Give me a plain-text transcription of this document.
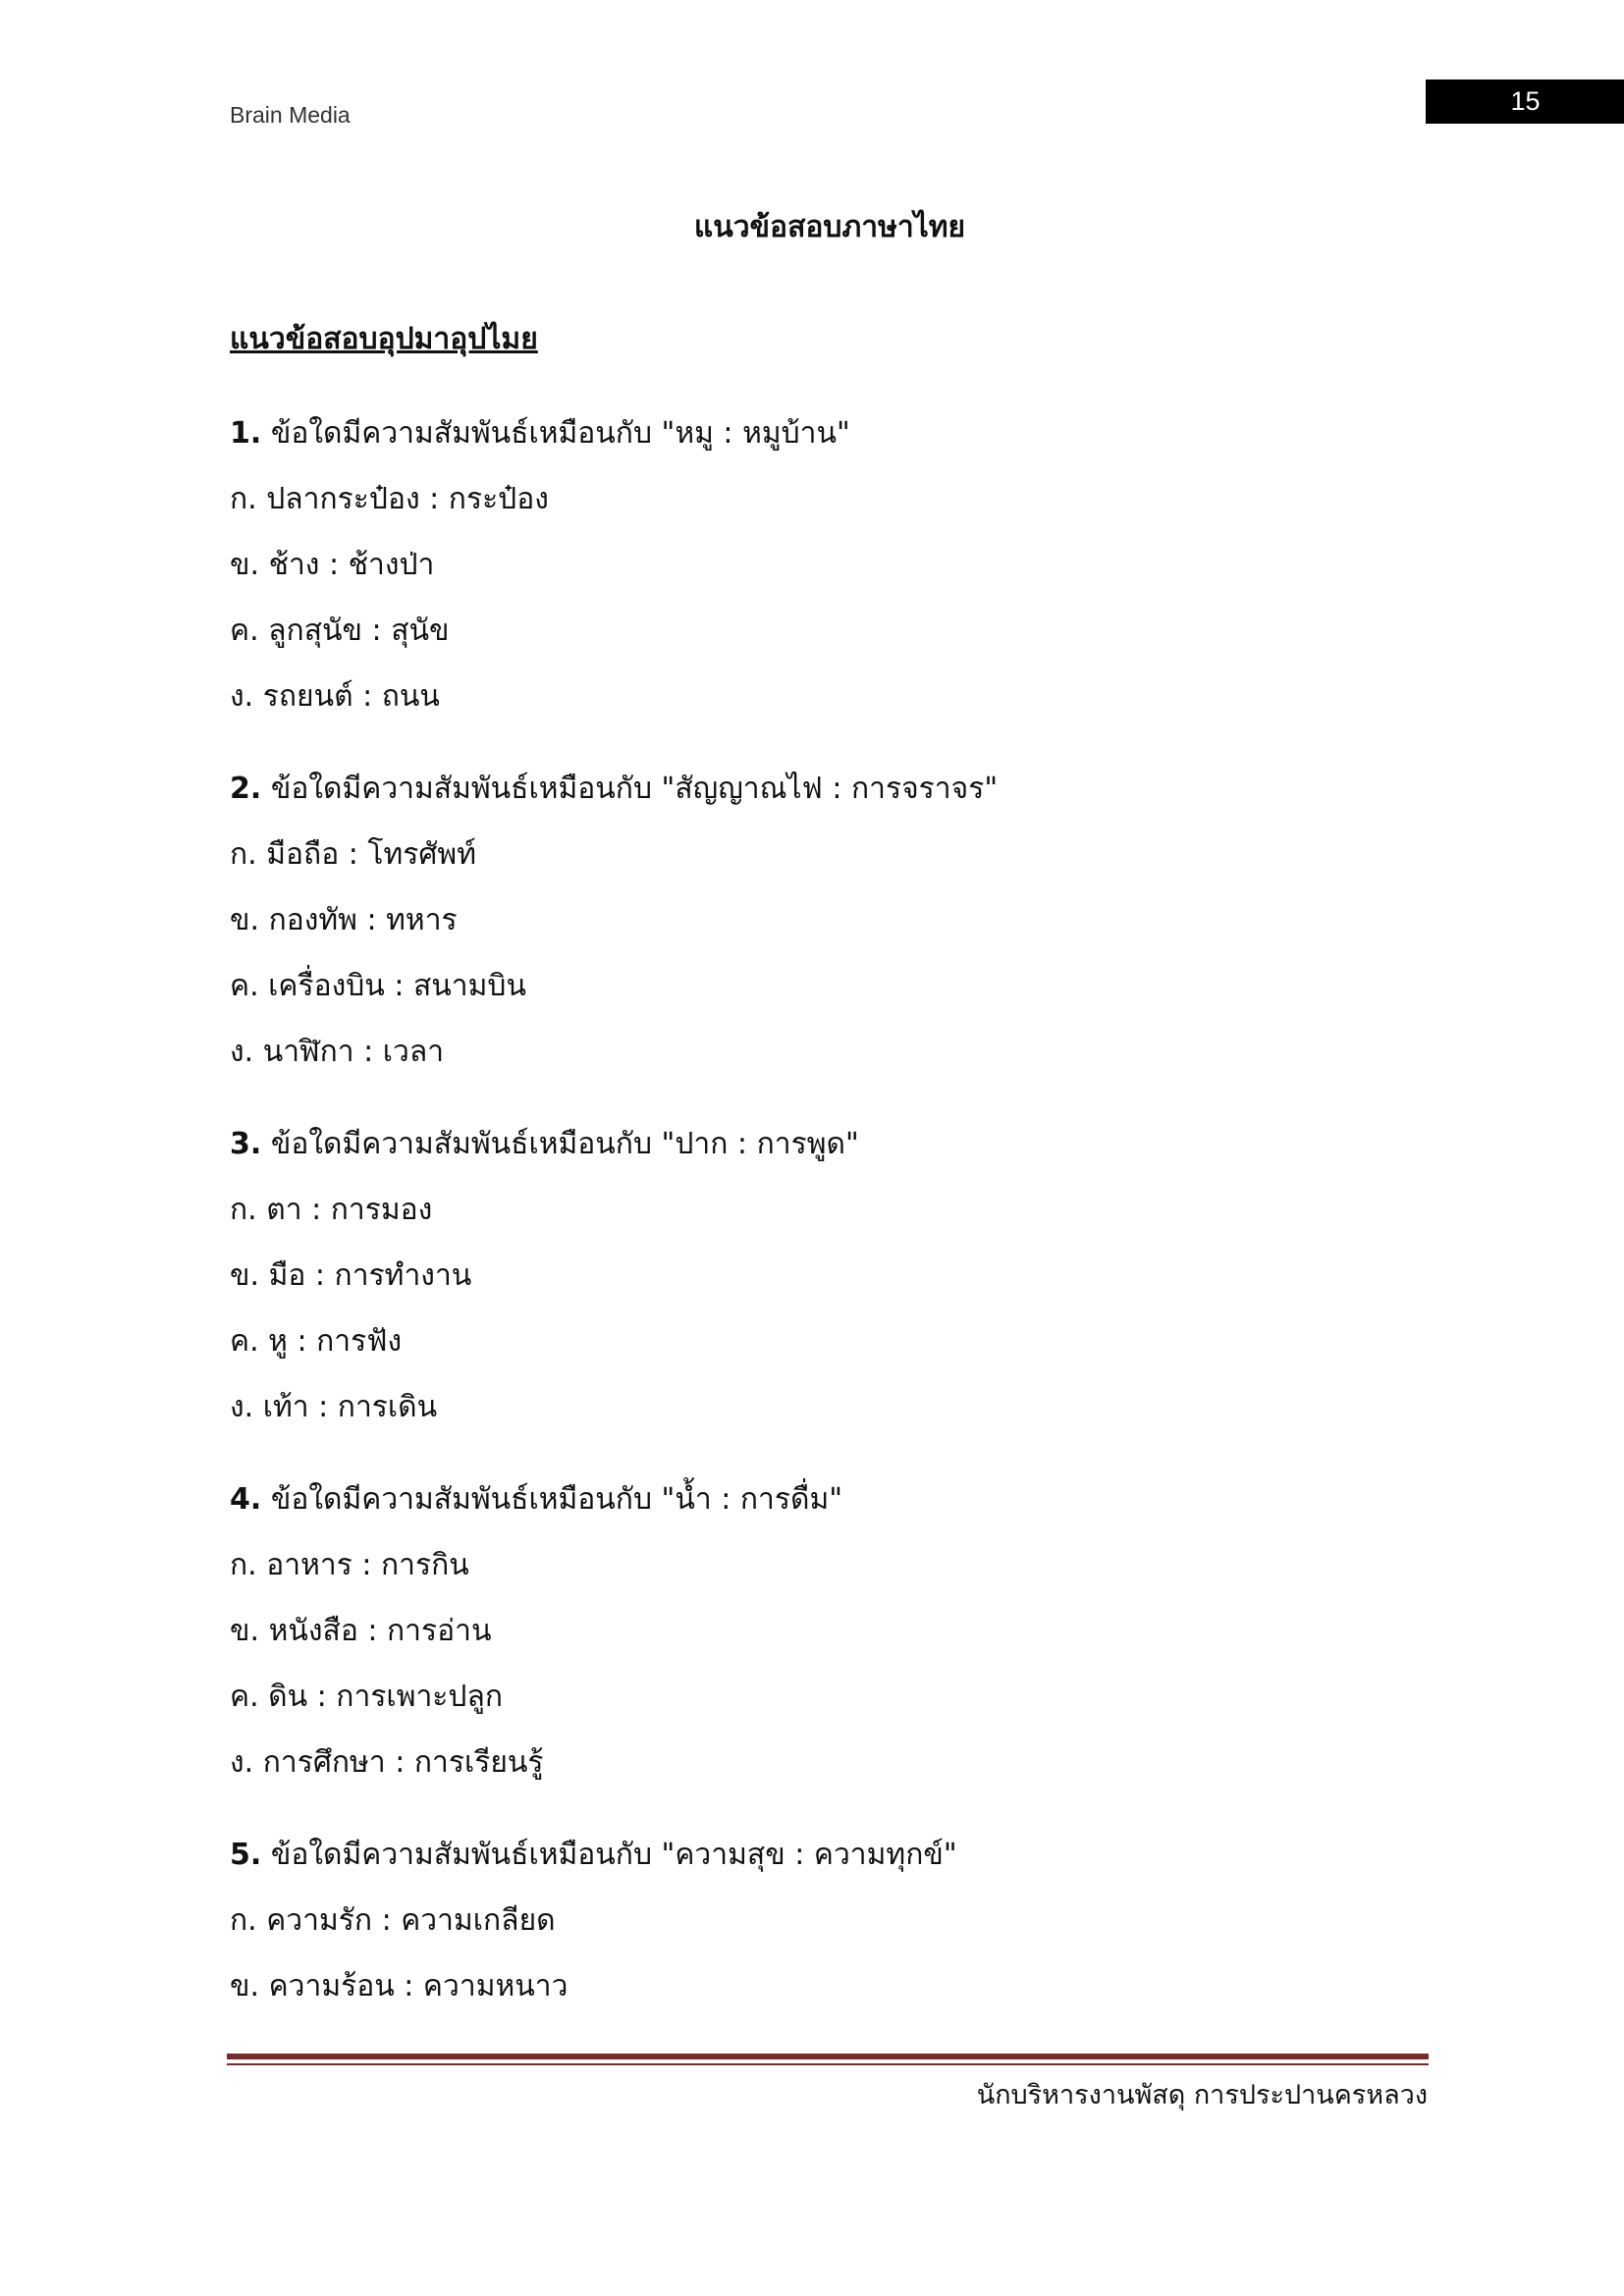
Brain Media	15
แนวข้อสอบภาษาไทย
แนวข้อสอบอุปมาอุปไมย
1. ข้อใดมีความสัมพันธ์เหมือนกับ "หมู : หมูบ้าน"
ก. ปลากระป๋อง : กระป๋อง
ข. ช้าง : ช้างป่า
ค. ลูกสุนัข : สุนัข
ง. รถยนต์ : ถนน
2. ข้อใดมีความสัมพันธ์เหมือนกับ "สัญญาณไฟ : การจราจร"
ก. มือถือ : โทรศัพท์
ข. กองทัพ : ทหาร
ค. เครื่องบิน : สนามบิน
ง. นาฬิกา : เวลา
3. ข้อใดมีความสัมพันธ์เหมือนกับ "ปาก : การพูด"
ก. ตา : การมอง
ข. มือ : การทำงาน
ค. หู : การฟัง
ง. เท้า : การเดิน
4. ข้อใดมีความสัมพันธ์เหมือนกับ "น้ำ : การดื่ม"
ก. อาหาร : การกิน
ข. หนังสือ : การอ่าน
ค. ดิน : การเพาะปลูก
ง. การศึกษา : การเรียนรู้
5. ข้อใดมีความสัมพันธ์เหมือนกับ "ความสุข : ความทุกข์"
ก. ความรัก : ความเกลียด
ข. ความร้อน : ความหนาว
นักบริหารงานพัสดุ การประปานครหลวง
